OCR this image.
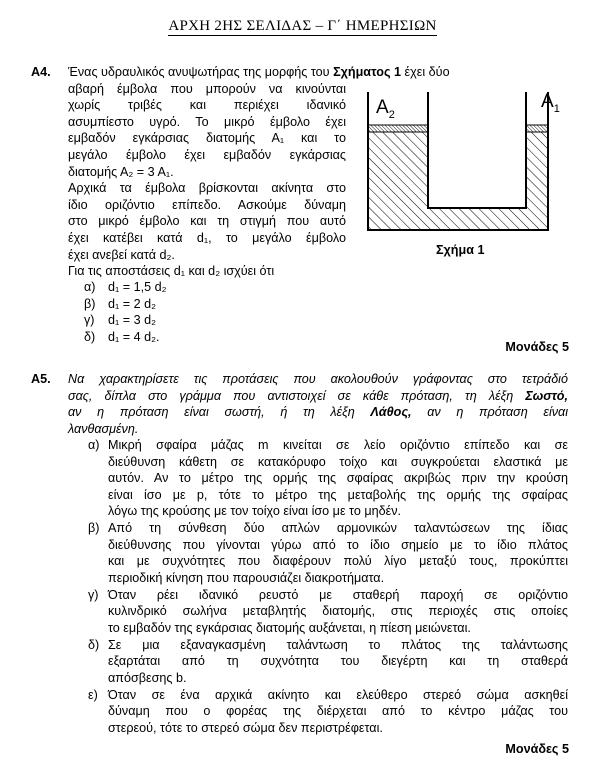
ΑΡΧΗ 2ΗΣ ΣΕΛΙΔΑΣ – Γ΄ ΗΜΕΡΗΣΙΩΝ
Α4. Ένας υδραυλικός ανυψωτήρας της μορφής του Σχήματος 1 έχει δύο
αβαρή έμβολα που μπορούν να κινούνται
χωρίς τριβές και περιέχει ιδανικό
ασυμπίεστο υγρό. Το μικρό έμβολο έχει
εμβαδόν εγκάρσιας διατομής Α₁ και το
μεγάλο έμβολο έχει εμβαδόν εγκάρσιας
διατομής Α₂ = 3 Α₁.
Αρχικά τα έμβολα βρίσκονται ακίνητα στο
ίδιο οριζόντιο επίπεδο. Ασκούμε δύναμη
στο μικρό έμβολο και τη στιγμή που αυτό
έχει κατέβει κατά d₁, το μεγάλο έμβολο
έχει ανεβεί κατά d₂.
Για τις αποστάσεις d₁ και d₂ ισχύει ότι
α) d₁ = 1,5 d₂
β) d₁ = 2 d₂
γ) d₁ = 3 d₂
δ) d₁ = 4 d₂.
$A_2$
$A_1$
Σχήμα 1
Μονάδες 5
Α5. Να χαρακτηρίσετε τις προτάσεις που ακολουθούν γράφοντας στο τετράδιό
σας, δίπλα στο γράμμα που αντιστοιχεί σε κάθε πρόταση, τη λέξη Σωστό,
αν η πρόταση είναι σωστή, ή τη λέξη Λάθος, αν η πρόταση είναι
λανθασμένη.
α) Μικρή σφαίρα μάζας m κινείται σε λείο οριζόντιο επίπεδο και σε
διεύθυνση κάθετη σε κατακόρυφο τοίχο και συγκρούεται ελαστικά με
αυτόν. Αν το μέτρο της ορμής της σφαίρας ακριβώς πριν την κρούση
είναι ίσο με p, τότε το μέτρο της μεταβολής της ορμής της σφαίρας
λόγω της κρούσης με τον τοίχο είναι ίσο με το μηδέν.
β) Από τη σύνθεση δύο απλών αρμονικών ταλαντώσεων της ίδιας
διεύθυνσης που γίνονται γύρω από το ίδιο σημείο με το ίδιο πλάτος
και με συχνότητες που διαφέρουν πολύ λίγο μεταξύ τους, προκύπτει
περιοδική κίνηση που παρουσιάζει διακροτήματα.
γ) Όταν ρέει ιδανικό ρευστό με σταθερή παροχή σε οριζόντιο
κυλινδρικό σωλήνα μεταβλητής διατομής, στις περιοχές στις οποίες
το εμβαδόν της εγκάρσιας διατομής αυξάνεται, η πίεση μειώνεται.
δ) Σε μια εξαναγκασμένη ταλάντωση το πλάτος της ταλάντωσης
εξαρτάται από τη συχνότητα του διεγέρτη και τη σταθερά
απόσβεσης b.
ε) Όταν σε ένα αρχικά ακίνητο και ελεύθερο στερεό σώμα ασκηθεί
δύναμη που ο φορέας της διέρχεται από το κέντρο μάζας του
στερεού, τότε το στερεό σώμα δεν περιστρέφεται.
Μονάδες 5
